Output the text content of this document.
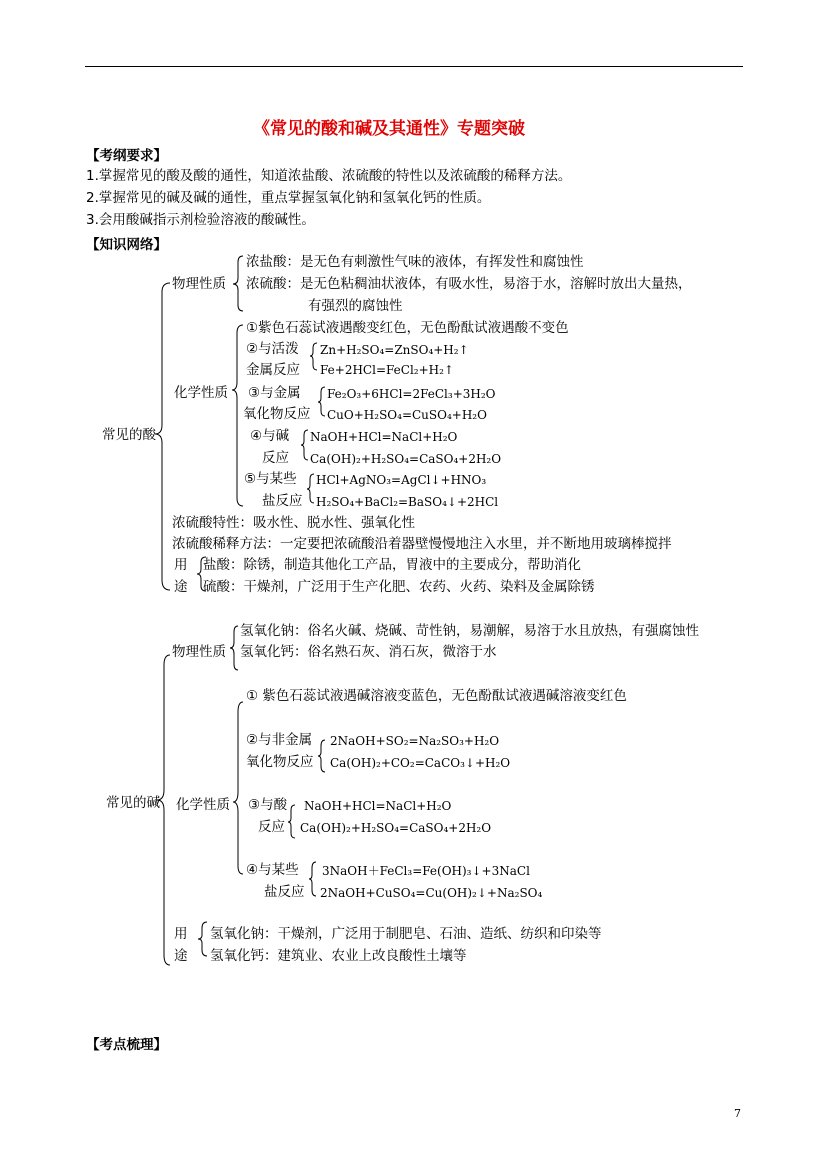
《常见的酸和碱及其通性》专题突破
【考纲要求】
1.掌握常见的酸及酸的通性，知道浓盐酸、浓硫酸的特性以及浓硫酸的稀释方法。
2.掌握常见的碱及碱的通性，重点掌握氢氧化钠和氢氧化钙的性质。
3.会用酸碱指示剂检验溶液的酸碱性。
【知识网络】
常见的酸
物理性质
浓盐酸：是无色有刺激性气味的液体，有挥发性和腐蚀性
浓硫酸：是无色粘稠油状液体，有吸水性，易溶于水，溶解时放出大量热，
有强烈的腐蚀性
化学性质
①紫色石蕊试液遇酸变红色，无色酚酞试液遇酸不变色
②与活泼
金属反应
Zn+H₂SO₄=ZnSO₄+H₂↑
Fe+2HCl=FeCl₂+H₂↑
③与金属
氧化物反应
Fe₂O₃+6HCl=2FeCl₃+3H₂O
CuO+H₂SO₄=CuSO₄+H₂O
④与碱
反应
NaOH+HCl=NaCl+H₂O
Ca(OH)₂+H₂SO₄=CaSO₄+2H₂O
⑤与某些
盐反应
HCl+AgNO₃=AgCl↓+HNO₃
H₂SO₄+BaCl₂=BaSO₄↓+2HCl
浓硫酸特性：吸水性、脱水性、强氧化性
浓硫酸稀释方法：一定要把浓硫酸沿着器壁慢慢地注入水里，并不断地用玻璃棒搅拌
用
途
盐酸：除锈，制造其他化工产品，胃液中的主要成分，帮助消化
硫酸：干燥剂，广泛用于生产化肥、农药、火药、染料及金属除锈
常见的碱
物理性质
氢氧化钠：俗名火碱、烧碱、苛性钠，易潮解，易溶于水且放热，有强腐蚀性
氢氧化钙：俗名熟石灰、消石灰，微溶于水
化学性质
① 紫色石蕊试液遇碱溶液变蓝色，无色酚酞试液遇碱溶液变红色
②与非金属
氧化物反应
2NaOH+SO₂=Na₂SO₃+H₂O
Ca(OH)₂+CO₂=CaCO₃↓+H₂O
③与酸
反应
NaOH+HCl=NaCl+H₂O
Ca(OH)₂+H₂SO₄=CaSO₄+2H₂O
④与某些
盐反应
3NaOH＋FeCl₃=Fe(OH)₃↓+3NaCl
2NaOH+CuSO₄=Cu(OH)₂↓+Na₂SO₄
用
途
氢氧化钠：干燥剂，广泛用于制肥皂、石油、造纸、纺织和印染等
氢氧化钙：建筑业、农业上改良酸性土壤等
【考点梳理】
7
